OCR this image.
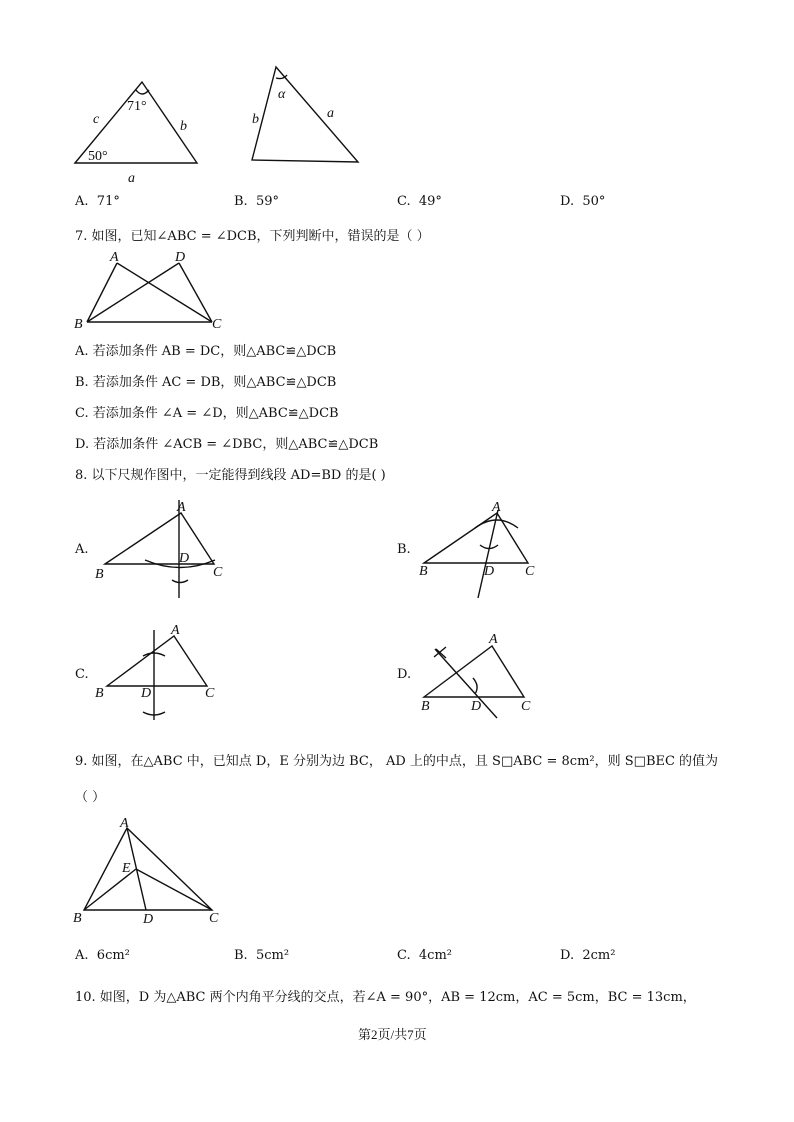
71°
50°
c	b
a
α
b	a
A. 71°	B. 59°	C. 49°	D. 50°
7. 如图，已知∠ABC = ∠DCB，下列判断中，错误的是（ ）
A	D
B	C
A. 若添加条件 AB = DC，则△ABC≌△DCB
B. 若添加条件 AC = DB，则△ABC≌△DCB
C. 若添加条件 ∠A = ∠D，则△ABC≌△DCB
D. 若添加条件 ∠ACB = ∠DBC，则△ABC≌△DCB
8. 以下尺规作图中，一定能得到线段 AD=BD 的是( )
A.
A
B
D
C
B.
A
B	D C
C.
A
B	D	C
D.
A
B	D	C
9. 如图，在△ABC 中，已知点 D，E 分别为边 BC， AD 上的中点，且 S□ABC = 8cm²，则 S□BEC 的值为
（ ）
A
E
B	D	C
A. 6cm²	B. 5cm²	C. 4cm²	D. 2cm²
10. 如图，D 为△ABC 两个内角平分线的交点，若∠A = 90°，AB = 12cm，AC = 5cm，BC = 13cm，
第2页/共7页
